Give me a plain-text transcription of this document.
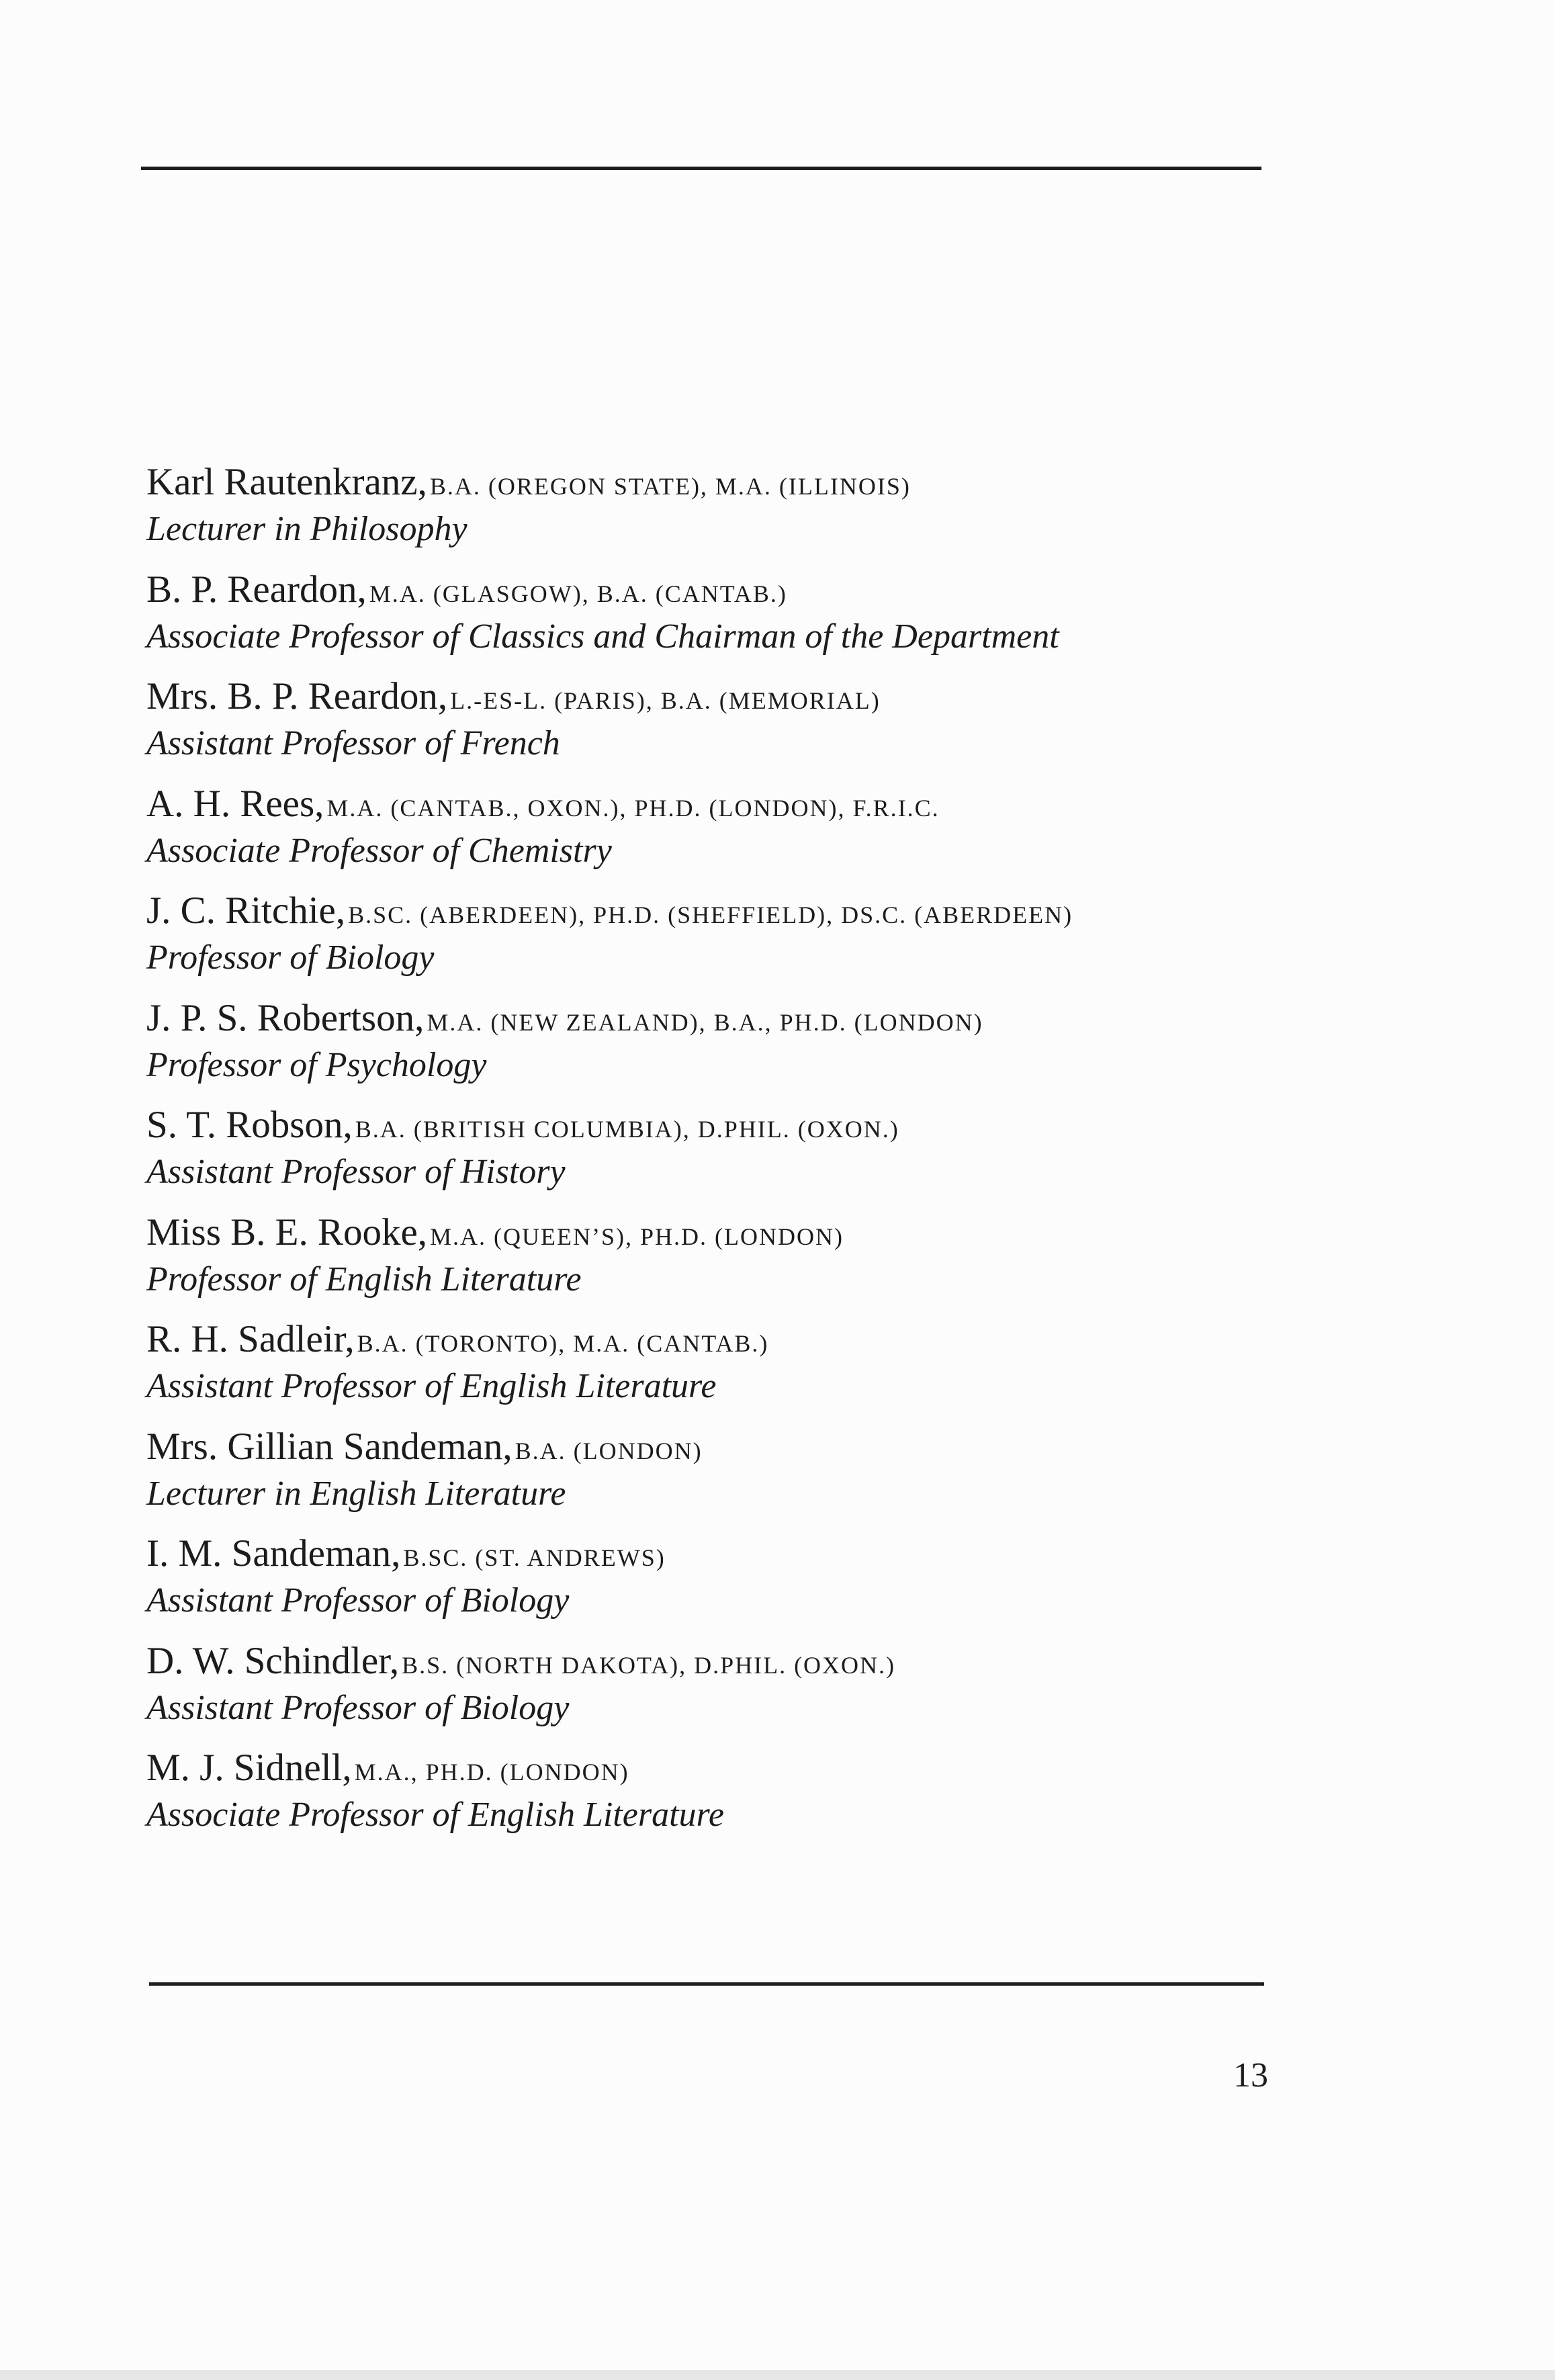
Karl Rautenkranz, B.A. (OREGON STATE), M.A. (ILLINOIS)
Lecturer in Philosophy
B. P. Reardon, M.A. (GLASGOW), B.A. (CANTAB.)
Associate Professor of Classics and Chairman of the Department
Mrs. B. P. Reardon, L.-ES-L. (PARIS), B.A. (MEMORIAL)
Assistant Professor of French
A. H. Rees, M.A. (CANTAB., OXON.), PH.D. (LONDON), F.R.I.C.
Associate Professor of Chemistry
J. C. Ritchie, B.SC. (ABERDEEN), PH.D. (SHEFFIELD), DS.C. (ABERDEEN)
Professor of Biology
J. P. S. Robertson, M.A. (NEW ZEALAND), B.A., PH.D. (LONDON)
Professor of Psychology
S. T. Robson, B.A. (BRITISH COLUMBIA), D.PHIL. (OXON.)
Assistant Professor of History
Miss B. E. Rooke, M.A. (QUEEN’S), PH.D. (LONDON)
Professor of English Literature
R. H. Sadleir, B.A. (TORONTO), M.A. (CANTAB.)
Assistant Professor of English Literature
Mrs. Gillian Sandeman, B.A. (LONDON)
Lecturer in English Literature
I. M. Sandeman, B.SC. (ST. ANDREWS)
Assistant Professor of Biology
D. W. Schindler, B.S. (NORTH DAKOTA), D.PHIL. (OXON.)
Assistant Professor of Biology
M. J. Sidnell, M.A., PH.D. (LONDON)
Associate Professor of English Literature
13
